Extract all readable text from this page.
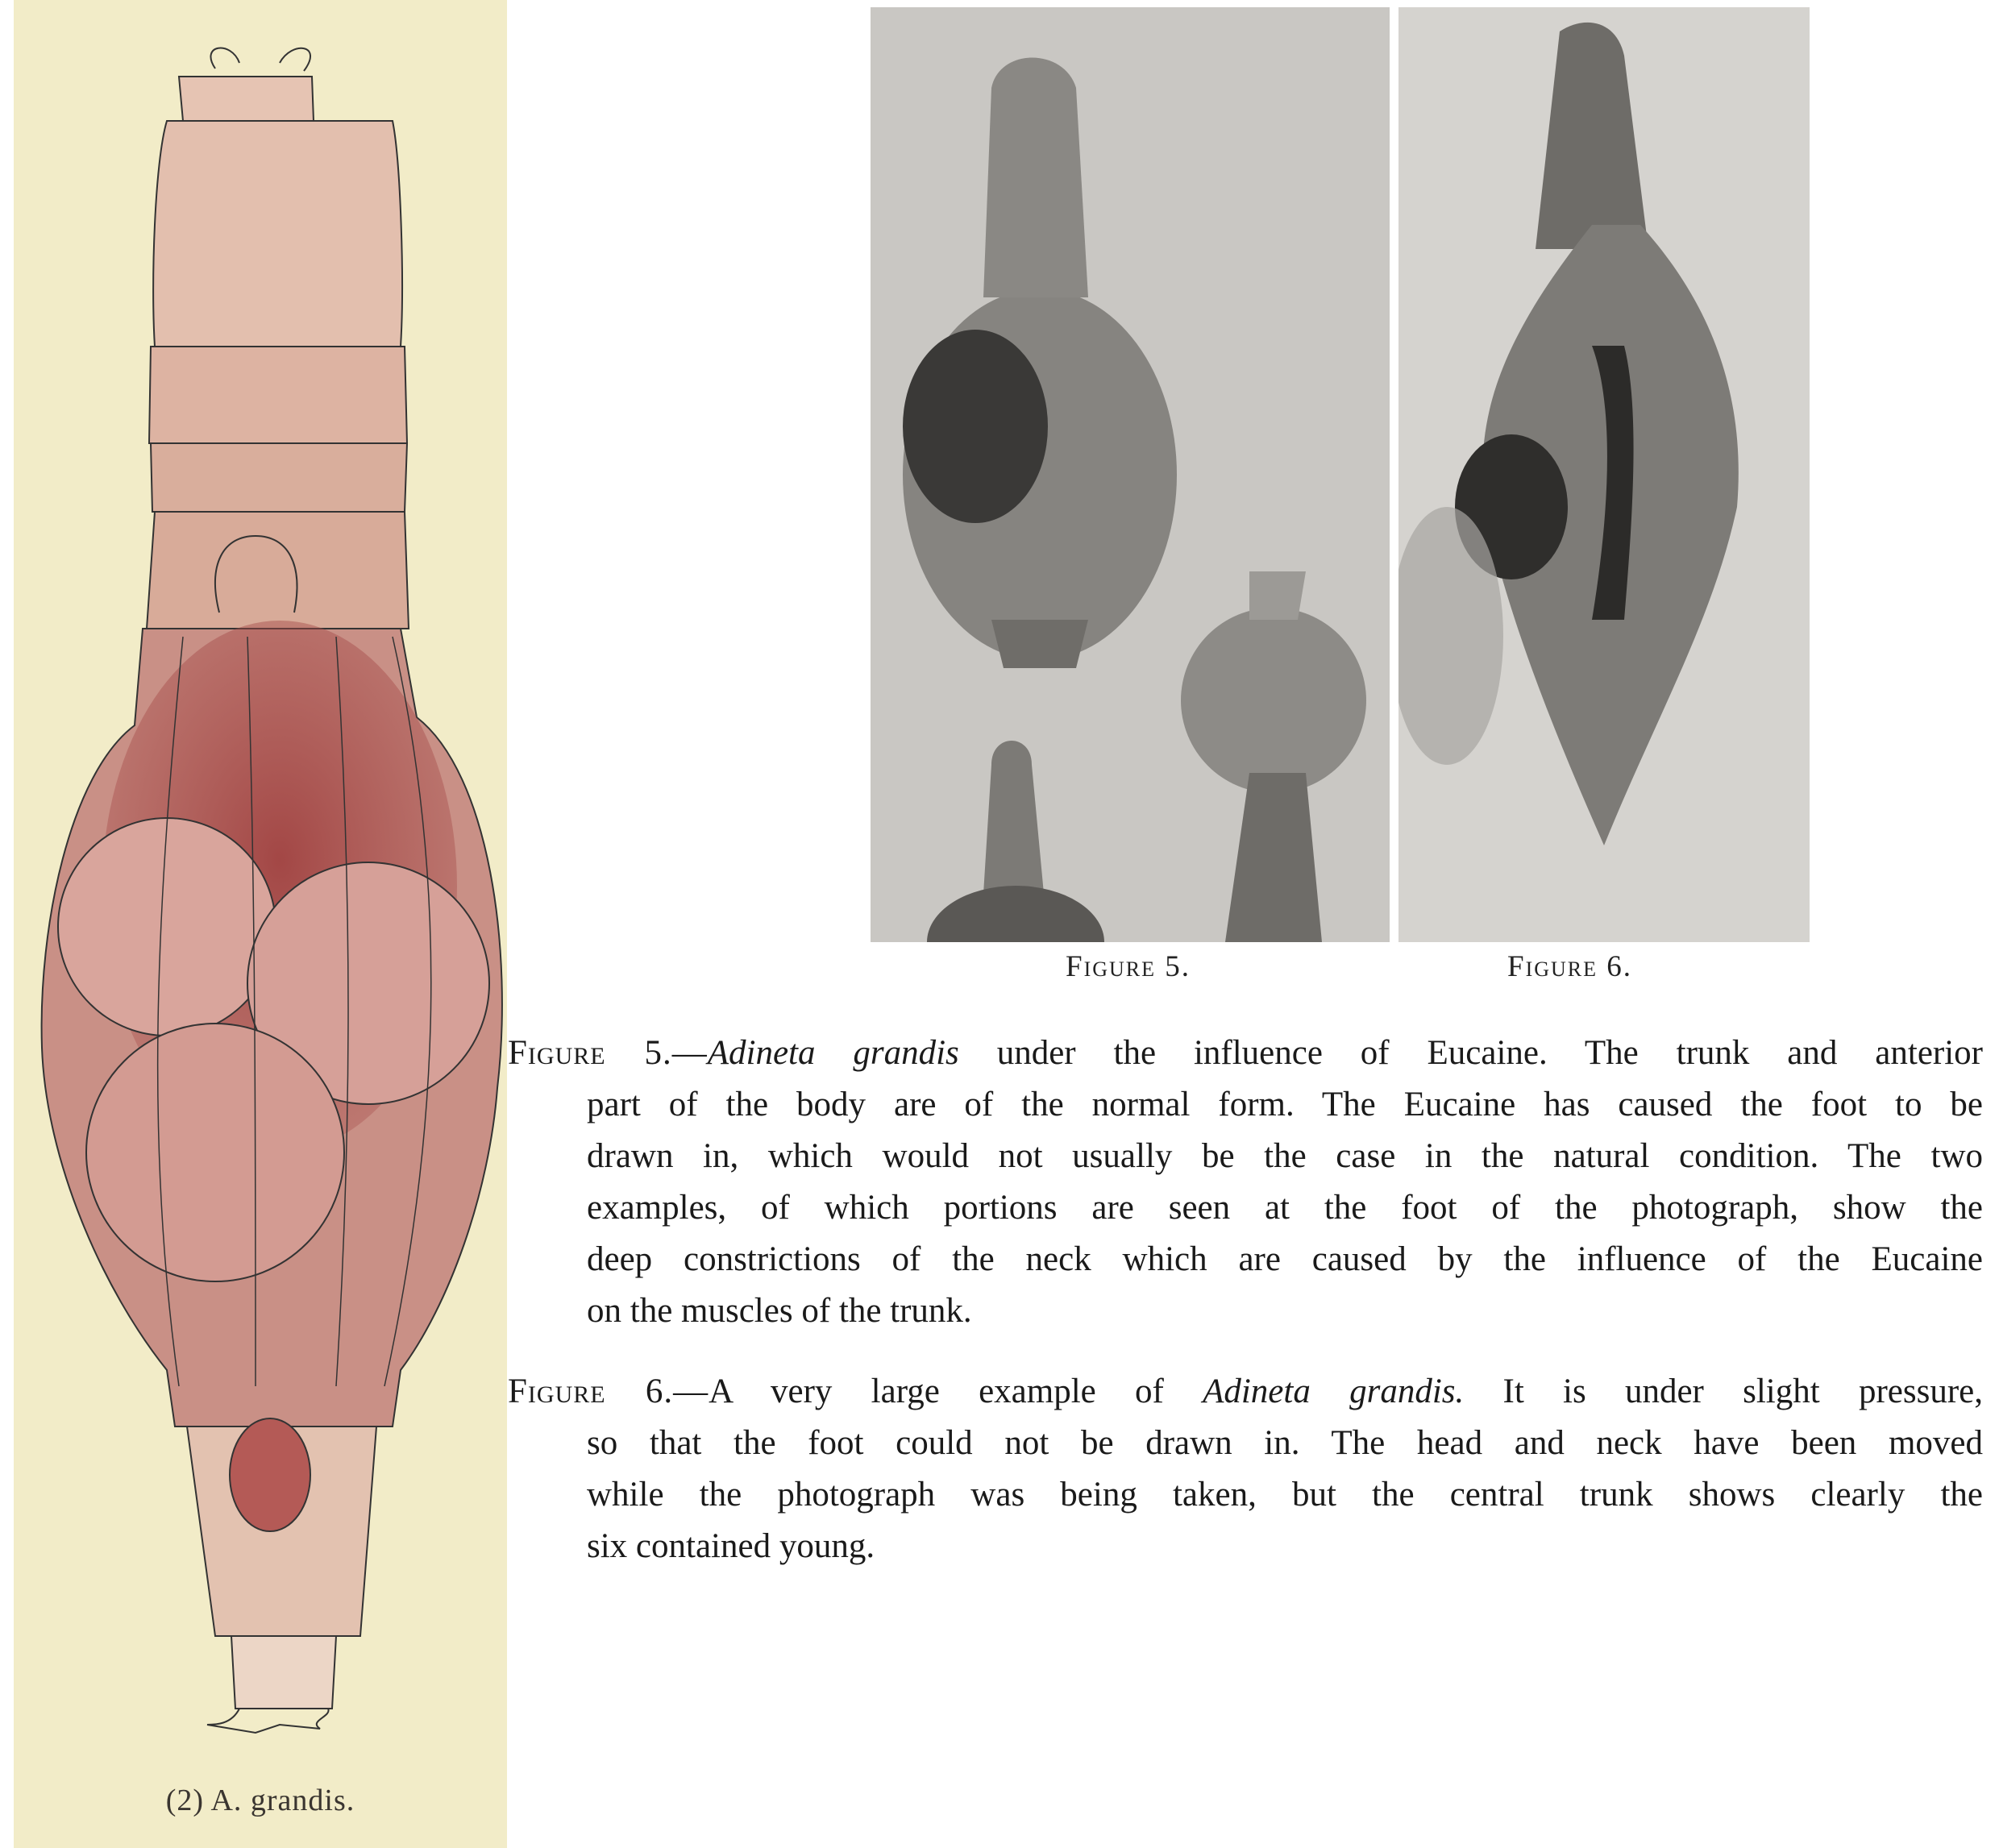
(2) A. grandis.
Figure 5.	Figure 6.
Figure 5.—Adineta grandis under the influence of Eucaine. The trunk and anterior
part of the body are of the normal form. The Eucaine has caused the foot to be
drawn in, which would not usually be the case in the natural condition. The two
examples, of which portions are seen at the foot of the photograph, show the
deep constrictions of the neck which are caused by the influence of the Eucaine
on the muscles of the trunk.
Figure 6.—A very large example of Adineta grandis. It is under slight pressure,
so that the foot could not be drawn in. The head and neck have been moved
while the photograph was being taken, but the central trunk shows clearly the
six contained young.
